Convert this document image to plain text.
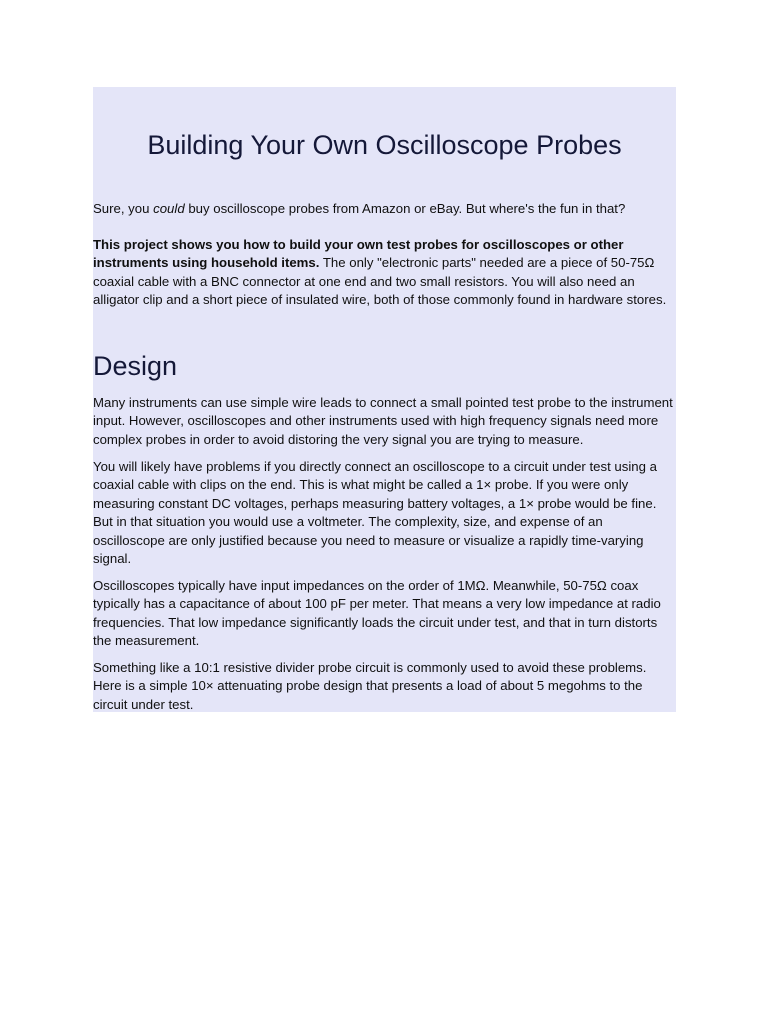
Building Your Own Oscilloscope Probes

Sure, you could buy oscilloscope probes from Amazon or eBay. But where's the fun in that?

This project shows you how to build your own test probes for oscilloscopes or other instruments using household items. The only "electronic parts" needed are a piece of 50-75Ω coaxial cable with a BNC connector at one end and two small resistors. You will also need an alligator clip and a short piece of insulated wire, both of those commonly found in hardware stores.

Design

Many instruments can use simple wire leads to connect a small pointed test probe to the instrument input. However, oscilloscopes and other instruments used with high frequency signals need more complex probes in order to avoid distoring the very signal you are trying to measure.

You will likely have problems if you directly connect an oscilloscope to a circuit under test using a coaxial cable with clips on the end. This is what might be called a 1× probe. If you were only measuring constant DC voltages, perhaps measuring battery voltages, a 1× probe would be fine. But in that situation you would use a voltmeter. The complexity, size, and expense of an oscilloscope are only justified because you need to measure or visualize a rapidly time-varying signal.

Oscilloscopes typically have input impedances on the order of 1MΩ. Meanwhile, 50-75Ω coax typically has a capacitance of about 100 pF per meter. That means a very low impedance at radio frequencies. That low impedance significantly loads the circuit under test, and that in turn distorts the measurement.

Something like a 10:1 resistive divider probe circuit is commonly used to avoid these problems. Here is a simple 10× attenuating probe design that presents a load of about 5 megohms to the circuit under test.
